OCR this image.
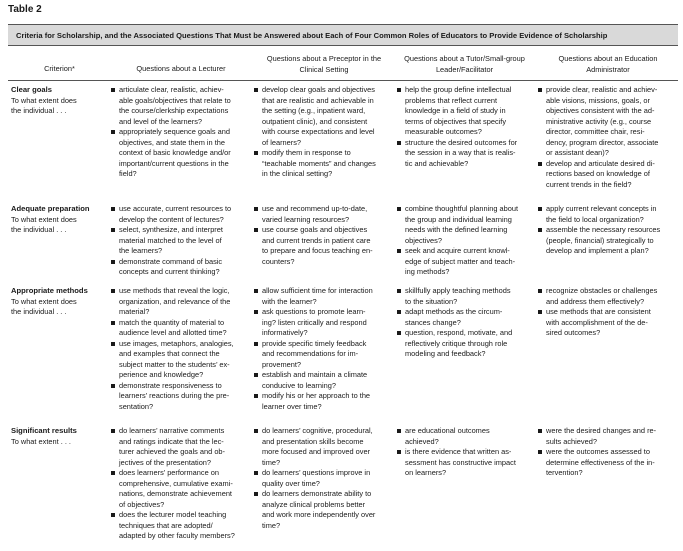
Table 2
Criteria for Scholarship, and the Associated Questions That Must be Answered about Each of Four Common Roles of Educators to Provide Evidence of Scholarship
Criterion*	Questions about a Lecturer
Questions about a Preceptor in the
Clinical Setting
Questions about a Tutor/Small-group
Leader/Facilitator
Questions about an Education
Administrator
Clear goals
To what extent does
the individual . . .
articulate clear, realistic, achiev-
able goals/objectives that relate to
the course/clerkship expectations
and level of the learners?
appropriately sequence goals and
objectives, and state them in the
context of basic knowledge and/or
important/current questions in the
field?
develop clear goals and objectives
that are realistic and achievable in
the setting (e.g., inpatient ward,
outpatient clinic), and consistent
with course expectations and level
of learners?
modify them in response to
“teachable moments” and changes
in the clinical setting?
help the group define intellectual
problems that reflect current
knowledge in a field of study in
terms of objectives that specify
measurable outcomes?
structure the desired outcomes for
the session in a way that is realis-
tic and achievable?
provide clear, realistic and achiev-
able visions, missions, goals, or
objectives consistent with the ad-
ministrative activity (e.g., course
director, committee chair, resi-
dency, program director, associate
or assistant dean)?
develop and articulate desired di-
rections based on knowledge of
current trends in the field?
Adequate preparation
To what extent does
the individual . . .
use accurate, current resources to
develop the content of lectures?
select, synthesize, and interpret
material matched to the level of
the learners?
demonstrate command of basic
concepts and current thinking?
use and recommend up-to-date,
varied learning resources?
use course goals and objectives
and current trends in patient care
to prepare and focus teaching en-
counters?
combine thoughtful planning about
the group and individual learning
needs with the defined learning
objectives?
seek and acquire current knowl-
edge of subject matter and teach-
ing methods?
apply current relevant concepts in
the field to local organization?
assemble the necessary resources
(people, financial) strategically to
develop and implement a plan?
Appropriate methods
To what extent does
the individual . . .
use methods that reveal the logic,
organization, and relevance of the
material?
match the quantity of material to
audience level and allotted time?
use images, metaphors, analogies,
and examples that connect the
subject matter to the students’ ex-
perience and knowledge?
demonstrate responsiveness to
learners’ reactions during the pre-
sentation?
allow sufficient time for interaction
with the learner?
ask questions to promote learn-
ing? listen critically and respond
informatively?
provide specific timely feedback
and recommendations for im-
provement?
establish and maintain a climate
conducive to learning?
modify his or her approach to the
learner over time?
skillfully apply teaching methods
to the situation?
adapt methods as the circum-
stances change?
question, respond, motivate, and
reflectively critique through role
modeling and feedback?
recognize obstacles or challenges
and address them effectively?
use methods that are consistent
with accomplishment of the de-
sired outcomes?
Significant results
To what extent . . .
do learners’ narrative comments
and ratings indicate that the lec-
turer achieved the goals and ob-
jectives of the presentation?
does learners’ performance on
comprehensive, cumulative exami-
nations, demonstrate achievement
of objectives?
does the lecturer model teaching
techniques that are adopted/
adapted by other faculty members?
do learners’ cognitive, procedural,
and presentation skills become
more focused and improved over
time?
do learners’ questions improve in
quality over time?
do learners demonstrate ability to
analyze clinical problems better
and work more independently over
time?
are educational outcomes
achieved?
is there evidence that written as-
sessment has constructive impact
on learners?
were the desired changes and re-
sults achieved?
were the outcomes assessed to
determine effectiveness of the in-
tervention?
